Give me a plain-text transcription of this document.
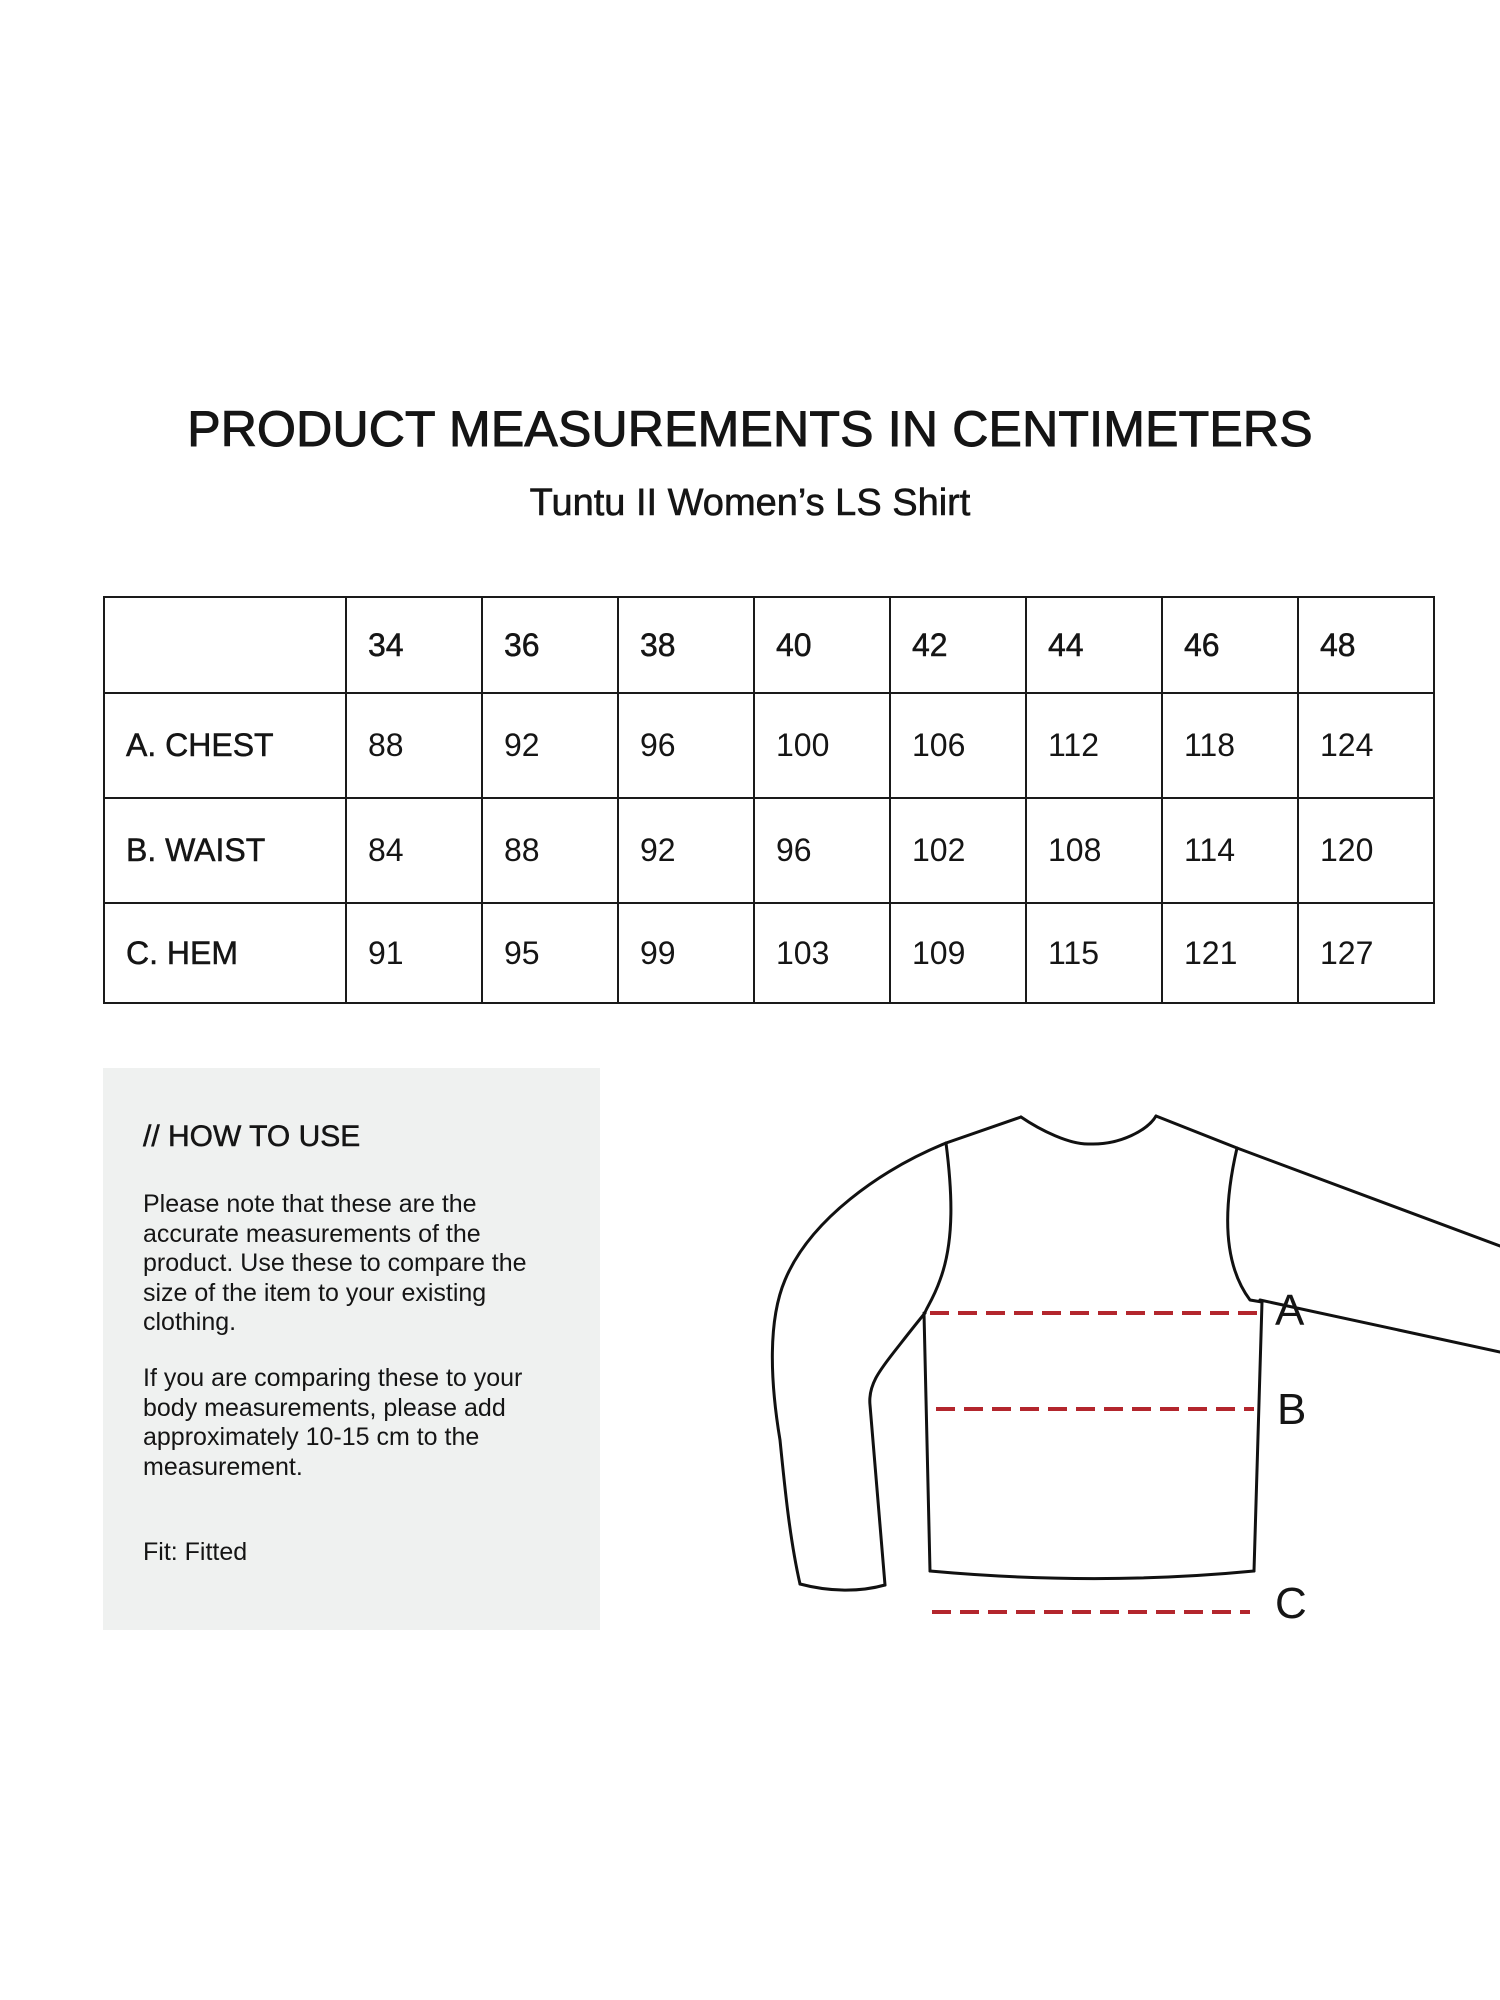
PRODUCT MEASUREMENTS IN CENTIMETERS
Tuntu II Women’s LS Shirt
	34	36	38	40	42	44	46	48
A. CHEST	88	92	96	100	106	112	118	124
B. WAIST	84	88	92	96	102	108	114	120
C. HEM	91	95	99	103	109	115	121	127
// HOW TO USE

Please note that these are the accurate measurements of the product. Use these to compare the size of the item to your existing clothing.

If you are comparing these to your body measurements, please add approximately 10-15 cm to the measurement.

Fit: Fitted

A
B
C
